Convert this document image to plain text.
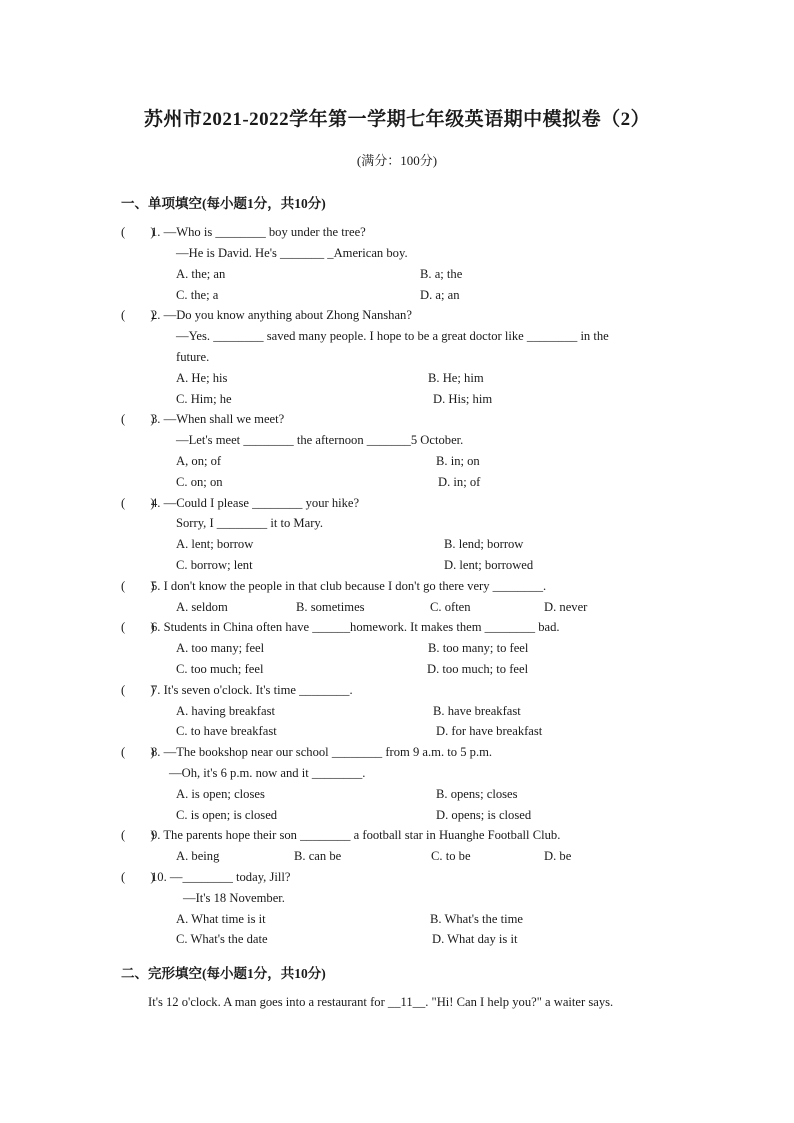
苏州市2021-2022学年第一学期七年级英语期中模拟卷（2）
(满分：100分)
一、单项填空(每小题1分，共10分)
(　　)
1. —Who is ________ boy under the tree?
—He is David. He's _______ _American boy.
A. the; an	B. a; the
C. the; a	D. a; an
(　　)
2. —Do you know anything about Zhong Nanshan?
—Yes. ________ saved many people. I hope to be a great doctor like ________ in the
future.
A. He; his	B. He; him
C. Him; he	D. His; him
(　　)
3. —When shall we meet?
—Let's meet ________ the afternoon _______5 October.
A, on; of	B. in; on
C. on; on	D. in; of
(　　)
4. —Could I please ________ your hike?
Sorry, I ________ it to Mary.
A. lent; borrow	B. lend; borrow
C. borrow; lent	D. lent; borrowed
(　　)
5. I don't know the people in that club because I don't go there very ________.
A. seldom	B. sometimes	C. often	D. never
(　　)
6. Students in China often have ______homework. It makes them ________ bad.
A. too many; feel	B. too many; to feel
C. too much; feel	D. too much; to feel
(　　)
7. It's seven o'clock. It's time ________.
A. having breakfast	B. have breakfast
C. to have breakfast	D. for have breakfast
(　　)
8. —The bookshop near our school ________ from 9 a.m. to 5 p.m.
—Oh, it's 6 p.m. now and it ________.
A. is open; closes	B. opens; closes
C. is open; is closed	D. opens; is closed
(　　)
9. The parents hope their son ________ a football star in Huanghe Football Club.
A. being	B. can be	C. to be	D. be
(　　)
10. —________ today, Jill?
—It's 18 November.
A. What time is it	B. What's the time
C. What's the date	D. What day is it
二、完形填空(每小题1分，共10分)
It's 12 o'clock. A man goes into a restaurant for __11__. "Hi! Can I help you?" a waiter says.
